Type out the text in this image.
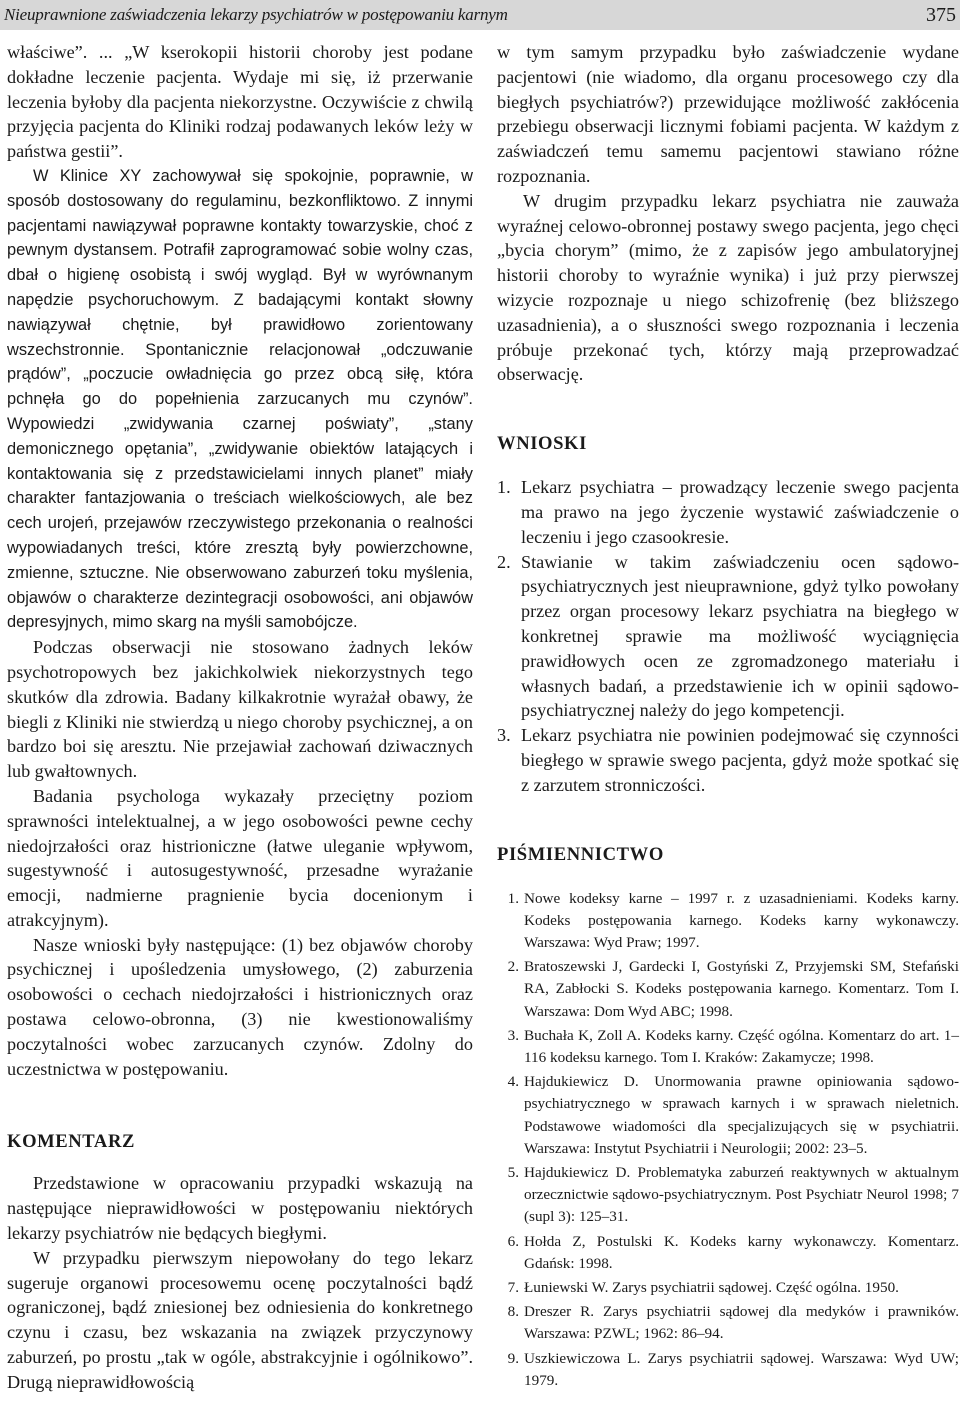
Nieuprawnione zaświadczenia lekarzy psychiatrów w postępowaniu karnym	375

właściwe”. ... „W kserokopii historii choroby jest podane dokładne leczenie pacjenta. Wydaje mi się, iż przerwanie leczenia byłoby dla pacjenta niekorzystne. Oczywiście z chwilą przyjęcia pacjenta do Kliniki rodzaj podawanych leków leży w państwa gestii”.

W Klinice XY zachowywał się spokojnie, poprawnie, w sposób dostosowany do regulaminu, bezkonfliktowo. Z innymi pacjentami nawiązywał poprawne kontakty towarzyskie, choć z pewnym dystansem. Potrafił zaprogramować sobie wolny czas, dbał o higienę osobistą i swój wygląd. Był w wyrównanym napędzie psychoruchowym. Z badającymi kontakt słowny nawiązywał chętnie, był prawidłowo zorientowany wszechstronnie. Spontanicznie relacjonował „odczuwanie prądów”, „poczucie owładnięcia go przez obcą siłę, która pchnęła go do popełnienia zarzucanych mu czynów”. Wypowiedzi „zwidywania czarnej poświaty”, „stany demonicznego opętania”, „zwidywanie obiektów latających i kontaktowania się z przedstawicielami innych planet” miały charakter fantazjowania o treściach wielkościowych, ale bez cech urojeń, przejawów rzeczywistego przekonania o realności wypowiadanych treści, które zresztą były powierzchowne, zmienne, sztuczne. Nie obserwowano zaburzeń toku myślenia, objawów o charakterze dezintegracji osobowości, ani objawów depresyjnych, mimo skarg na myśli samobójcze.

Podczas obserwacji nie stosowano żadnych leków psychotropowych bez jakichkolwiek niekorzystnych tego skutków dla zdrowia. Badany kilkakrotnie wyrażał obawy, że biegli z Kliniki nie stwierdzą u niego choroby psychicznej, a on bardzo boi się aresztu. Nie przejawiał zachowań dziwacznych lub gwałtownych.

Badania psychologa wykazały przeciętny poziom sprawności intelektualnej, a w jego osobowości pewne cechy niedojrzałości oraz histrioniczne (łatwe uleganie wpływom, sugestywność i autosugestywność, przesadne wyrażanie emocji, nadmierne pragnienie bycia docenionym i atrakcyjnym).

Nasze wnioski były następujące: (1) bez objawów choroby psychicznej i upośledzenia umysłowego, (2) zaburzenia osobowości o cechach niedojrzałości i histrionicznych oraz postawa celowo-obronna, (3) nie kwestionowaliśmy poczytalności wobec zarzucanych czynów. Zdolny do uczestnictwa w postępowaniu.

KOMENTARZ

Przedstawione w opracowaniu przypadki wskazują na następujące nieprawidłowości w postępowaniu niektórych lekarzy psychiatrów nie będących biegłymi.

W przypadku pierwszym niepowołany do tego lekarz sugeruje organowi procesowemu ocenę poczytalności bądź ograniczonej, bądź zniesionej bez odniesienia do konkretnego czynu i czasu, bez wskazania na związek przyczynowy zaburzeń, po prostu „tak w ogóle, abstrakcyjnie i ogólnikowo”. Drugą nieprawidłowością

w tym samym przypadku było zaświadczenie wydane pacjentowi (nie wiadomo, dla organu procesowego czy dla biegłych psychiatrów?) przewidujące możliwość zakłócenia przebiegu obserwacji licznymi fobiami pacjenta. W każdym z zaświadczeń temu samemu pacjentowi stawiano różne rozpoznania.

W drugim przypadku lekarz psychiatra nie zauważa wyraźnej celowo-obronnej postawy swego pacjenta, jego chęci „bycia chorym” (mimo, że z zapisów jego ambulatoryjnej historii choroby to wyraźnie wynika) i już przy pierwszej wizycie rozpoznaje u niego schizofrenię (bez bliższego uzasadnienia), a o słuszności swego rozpoznania i leczenia próbuje przekonać tych, którzy mają przeprowadzać obserwację.

WNIOSKI
1. Lekarz psychiatra – prowadzący leczenie swego pacjenta ma prawo na jego życzenie wystawić zaświadczenie o leczeniu i jego czasookresie.
2. Stawianie w takim zaświadczeniu ocen sądowo-psychiatrycznych jest nieuprawnione, gdyż tylko powołany przez organ procesowy lekarz psychiatra na biegłego w konkretnej sprawie ma możliwość wyciągnięcia prawidłowych ocen ze zgromadzonego materiału i własnych badań, a przedstawienie ich w opinii sądowo-psychiatrycznej należy do jego kompetencji.
3. Lekarz psychiatra nie powinien podejmować się czynności biegłego w sprawie swego pacjenta, gdyż może spotkać się z zarzutem stronniczości.
PIŚMIENNICTWO
1. Nowe kodeksy karne – 1997 r. z uzasadnieniami. Kodeks karny. Kodeks postępowania karnego. Kodeks karny wykonawczy. Warszawa: Wyd Praw; 1997.
2. Bratoszewski J, Gardecki I, Gostyński Z, Przyjemski SM, Stefański RA, Zabłocki S. Kodeks postępowania karnego. Komentarz. Tom I. Warszawa: Dom Wyd ABC; 1998.
3. Buchała K, Zoll A. Kodeks karny. Część ogólna. Komentarz do art. 1–116 kodeksu karnego. Tom I. Kraków: Zakamycze; 1998.
4. Hajdukiewicz D. Unormowania prawne opiniowania sądowo-psychiatrycznego w sprawach karnych i w sprawach nieletnich. Podstawowe wiadomości dla specjalizujących się w psychiatrii. Warszawa: Instytut Psychiatrii i Neurologii; 2002: 23–5.
5. Hajdukiewicz D. Problematyka zaburzeń reaktywnych w aktualnym orzecznictwie sądowo-psychiatrycznym. Post Psychiatr Neurol 1998; 7 (supl 3): 125–31.
6. Hołda Z, Postulski K. Kodeks karny wykonawczy. Komentarz. Gdańsk: 1998.
7. Łuniewski W. Zarys psychiatrii sądowej. Część ogólna. 1950.
8. Dreszer R. Zarys psychiatrii sądowej dla medyków i prawników. Warszawa: PZWL; 1962: 86–94.
9. Uszkiewiczowa L. Zarys psychiatrii sądowej. Warszawa: Wyd UW; 1979.
